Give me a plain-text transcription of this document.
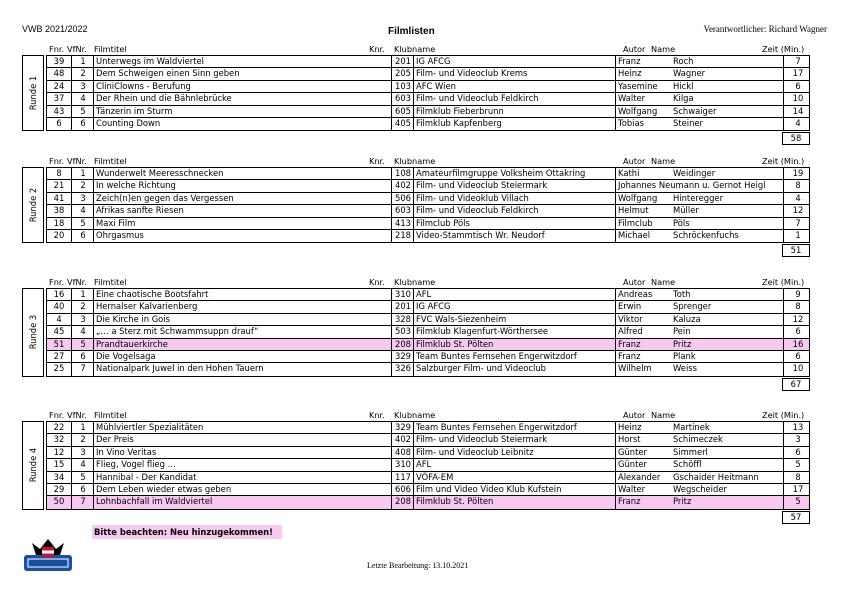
VWB 2021/2022	Filmlisten	Verantwortlicher: Richard Wagner
Fnr. VfNr. Filmtitel	Knr. Klubname	Autor Name	Zeit (Min.)
Runde 1
39	1	Unterwegs im Waldviertel	201 IG AFCG	Franz	Roch	7
48	2	Dem Schweigen einen Sinn geben	205 Film- und Videoclub Krems	Heinz	Wagner	17
24	3	CliniClowns - Berufung	103 AFC Wien	Yasemine	Hickl	6
37	4	Der Rhein und die Bähnlebrücke	603 Film- und Videoclub Feldkirch	Walter	Kilga	10
43	5	Tänzerin im Sturm	605 Filmklub Fieberbrunn	Wolfgang	Schwaiger	14
6	6	Counting Down	405 Filmklub Kapfenberg	Tobias	Steiner	4
58
Fnr. VfNr. Filmtitel	Knr. Klubname	Autor Name	Zeit (Min.)
Runde 2
8	1	Wunderwelt Meeresschnecken	108 Amateurfilmgruppe Volksheim Ottakring	Kathi	Weidinger	19
21	2	In welche Richtung	402 Film- und Videoclub Steiermark	Johannes Neumann u. Gernot Heigl	8
41	3	Zeich(n)en gegen das Vergessen	506 Film- und Videoklub Villach	Wolfgang	Hinteregger	4
38	4	Afrikas sanfte Riesen	603 Film- und Videoclub Feldkirch	Helmut	Müller	12
18	5	Maxi Film	413 Filmclub Pöls	Filmclub	Pöls	7
20	6	Ohrgasmus	218 Video-Stammtisch Wr. Neudorf	Michael	Schröckenfuchs	1
51
Fnr. VfNr. Filmtitel	Knr. Klubname	Autor Name	Zeit (Min.)
Runde 3
16	1	Eine chaotische Bootsfahrt	310 AFL	Andreas	Toth	9
40	2	Hernalser Kalvarienberg	201 IG AFCG	Erwin	Sprenger	8
4	3	Die Kirche in Gois	328 FVC Wals-Siezenheim	Viktor	Kaluza	12
45	4	„… a Sterz mit Schwammsuppn drauf“	503 Filmklub Klagenfurt-Wörthersee	Alfred	Pein	6
51	5	Prandtauerkirche	208 Filmklub St. Pölten	Franz	Pritz	16
27	6	Die Vogelsaga	329 Team Buntes Fernsehen Engerwitzdorf	Franz	Plank	6
25	7	Nationalpark Juwel in den Hohen Tauern	326 Salzburger Film- und Videoclub	Wilhelm	Weiss	10
67
Fnr. VfNr. Filmtitel	Knr. Klubname	Autor Name	Zeit (Min.)
Runde 4
22	1	Mühlviertler Spezialitäten	329 Team Buntes Fernsehen Engerwitzdorf	Heinz	Martinek	13
32	2	Der Preis	402 Film- und Videoclub Steiermark	Horst	Schimeczek	3
12	3	In Vino Veritas	408 Film- und Videoclub Leibnitz	Günter	Simmerl	6
15	4	Flieg, Vogel flieg ...	310 AFL	Günter	Schöffl	5
34	5	Hannibal - Der Kandidat	117 VÖFA-EM	Alexander	Gschaider Heitmann	8
29	6	Dem Leben wieder etwas geben	606 Film und Video Video Klub Kufstein	Walter	Wegscheider	17
50	7	Lohnbachfall im Waldviertel	208 Filmklub St. Pölten	Franz	Pritz	5
57
Bitte beachten: Neu hinzugekommen!
Letzte Bearbeitung: 13.10.2021
